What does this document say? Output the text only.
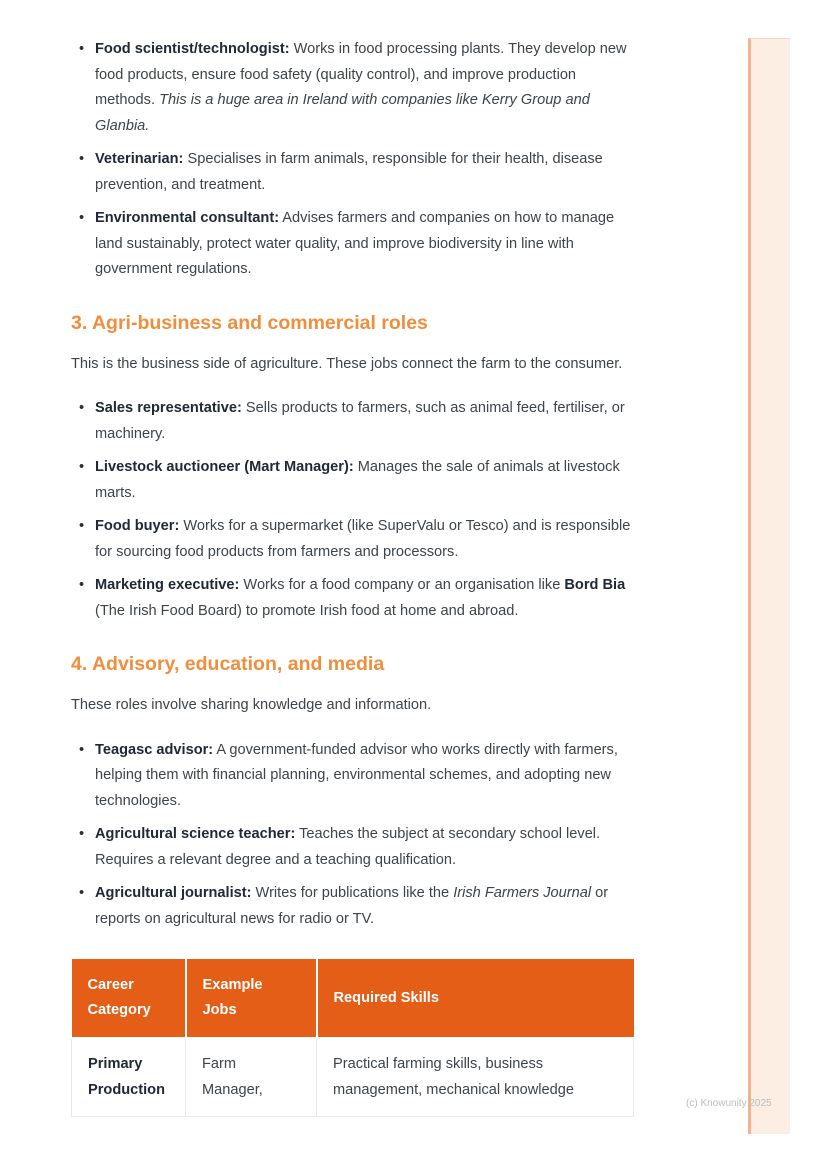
• Food scientist/technologist: Works in food processing plants. They develop new food products, ensure food safety (quality control), and improve production methods. This is a huge area in Ireland with companies like Kerry Group and Glanbia.
• Veterinarian: Specialises in farm animals, responsible for their health, disease prevention, and treatment.
• Environmental consultant: Advises farmers and companies on how to manage land sustainably, protect water quality, and improve biodiversity in line with government regulations.
3. Agri-business and commercial roles

This is the business side of agriculture. These jobs connect the farm to the consumer.

• Sales representative: Sells products to farmers, such as animal feed, fertiliser, or machinery.
• Livestock auctioneer (Mart Manager): Manages the sale of animals at livestock marts.
• Food buyer: Works for a supermarket (like SuperValu or Tesco) and is responsible for sourcing food products from farmers and processors.
• Marketing executive: Works for a food company or an organisation like Bord Bia (The Irish Food Board) to promote Irish food at home and abroad.
4. Advisory, education, and media

These roles involve sharing knowledge and information.

• Teagasc advisor: A government-funded advisor who works directly with farmers, helping them with financial planning, environmental schemes, and adopting new technologies.
• Agricultural science teacher: Teaches the subject at secondary school level. Requires a relevant degree and a teaching qualification.
• Agricultural journalist: Writes for publications like the Irish Farmers Journal or reports on agricultural news for radio or TV.
Career Category	Example Jobs	Required Skills
Primary Production	Farm Manager,	Practical farming skills, business management, mechanical knowledge
(c) Knowunity 2025
